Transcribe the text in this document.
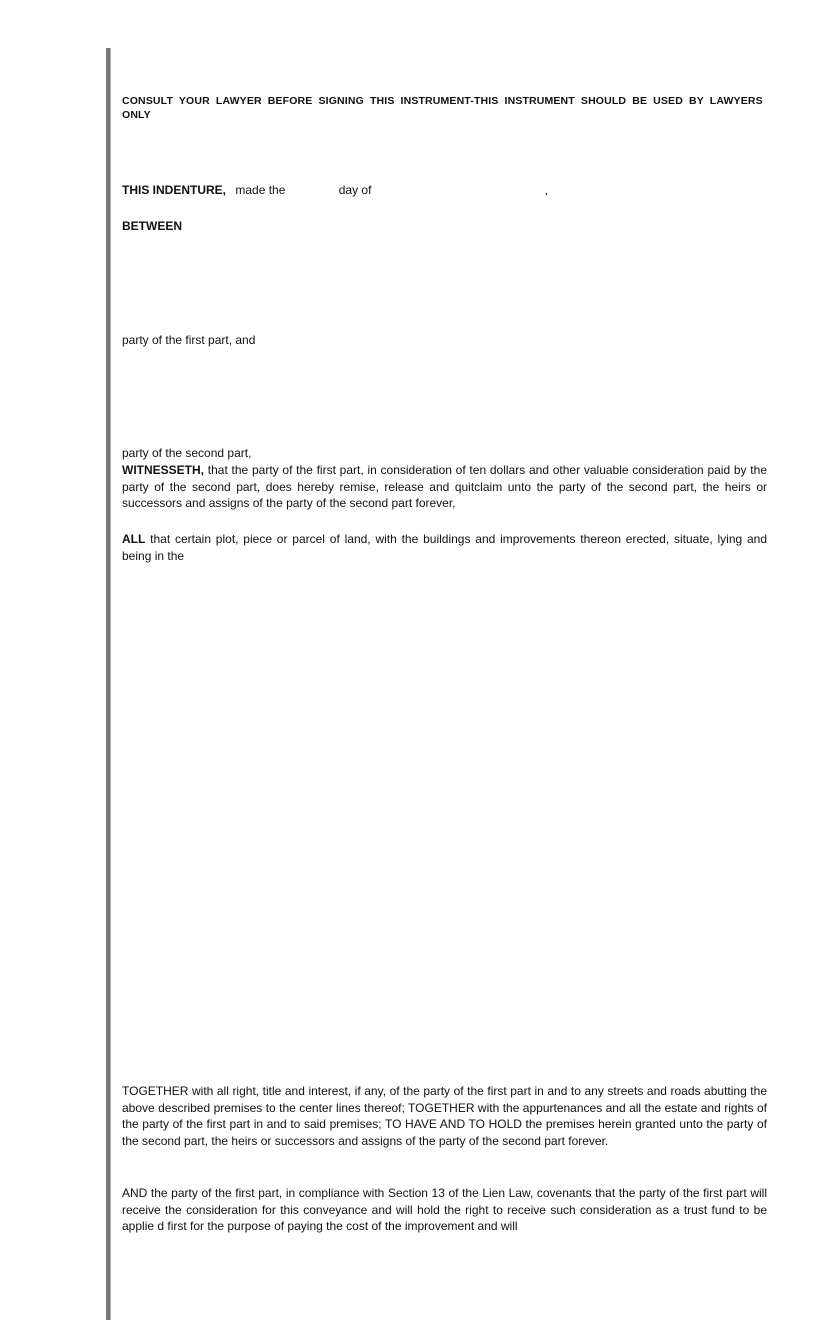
CONSULT YOUR LAWYER BEFORE SIGNING THIS INSTRUMENT-THIS INSTRUMENT SHOULD BE USED BY LAWYERS ONLY
THIS INDENTURE, made the	day of	,
BETWEEN
party of the first part, and
party of the second part,
WITNESSETH, that the party of the first part, in consideration of ten dollars and other valuable consideration paid by the party of the second part, does hereby remise, release and quitclaim unto the party of the second part, the heirs or successors and assigns of the party of the second part forever,
ALL that certain plot, piece or parcel of land, with the buildings and improvements thereon erected, situate, lying and being in the
TOGETHER with all right, title and interest, if any, of the party of the first part in and to any streets and roads abutting the above described premises to the center lines thereof; TOGETHER with the appurtenances and all the estate and rights of the party of the first part in and to said premises; TO HAVE AND TO HOLD the premises herein granted unto the party of the second part, the heirs or successors and assigns of the party of the second part forever.
AND the party of the first part, in compliance with Section 13 of the Lien Law, covenants that the party of the first part will receive the consideration for this conveyance and will hold the right to receive such consideration as a trust fund to be applie d first for the purpose of paying the cost of the improvement and will
